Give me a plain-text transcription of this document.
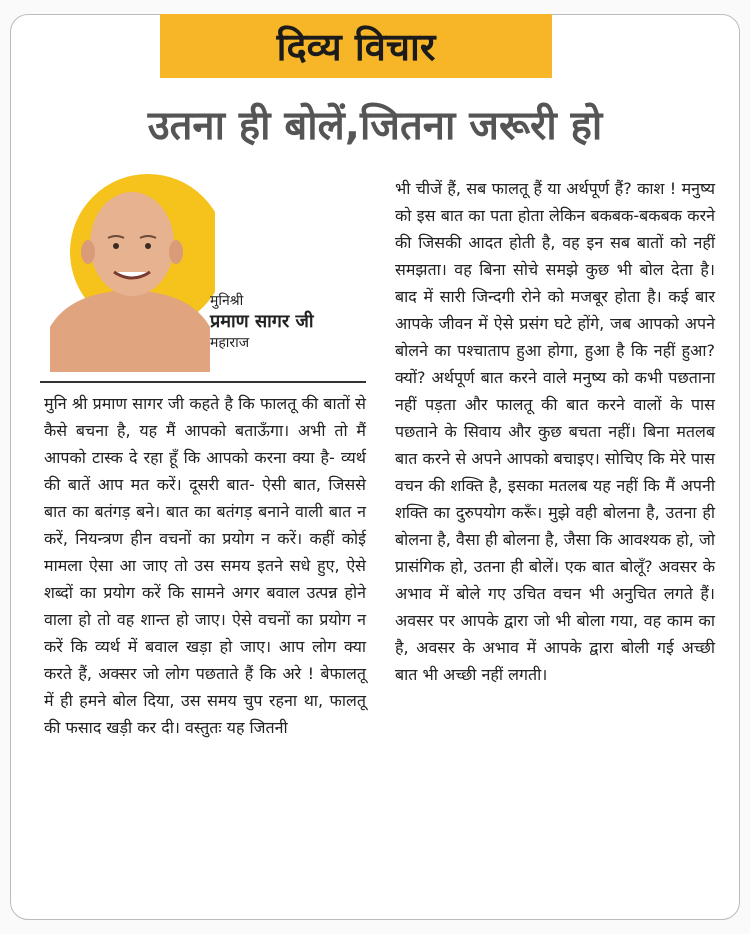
दिव्य विचार
उतना ही बोलें,जितना जरूरी हो
मुनिश्री
प्रमाण सागर जी
महाराज

मुनि श्री प्रमाण सागर जी कहते है कि फालतू की बातों से कैसे बचना है, यह मैं आपको बताऊँगा। अभी तो मैं आपको टास्क दे रहा हूँ कि आपको करना क्या है- व्यर्थ की बातें आप मत करें। दूसरी बात- ऐसी बात, जिससे बात का बतंगड़ बने। बात का बतंगड़ बनाने वाली बात न करें, नियन्त्रण हीन वचनों का प्रयोग न करें। कहीं कोई मामला ऐसा आ जाए तो उस समय इतने सधे हुए, ऐसे शब्दों का प्रयोग करें कि सामने अगर बवाल उत्पन्न होने वाला हो तो वह शान्त हो जाए। ऐसे वचनों का प्रयोग न करें कि व्यर्थ में बवाल खड़ा हो जाए। आप लोग क्या करते हैं, अक्सर जो लोग पछताते हैं कि अरे ! बेफालतू में ही हमने बोल दिया, उस समय चुप रहना था, फालतू की फसाद खड़ी कर दी। वस्तुतः यह जितनी

भी चीजें हैं, सब फालतू हैं या अर्थपूर्ण हैं? काश ! मनुष्य को इस बात का पता होता लेकिन बकबक-बकबक करने की जिसकी आदत होती है, वह इन सब बातों को नहीं समझता। वह बिना सोचे समझे कुछ भी बोल देता है। बाद में सारी जिन्दगी रोने को मजबूर होता है। कई बार आपके जीवन में ऐसे प्रसंग घटे होंगे, जब आपको अपने बोलने का पश्चाताप हुआ होगा, हुआ है कि नहीं हुआ? क्यों? अर्थपूर्ण बात करने वाले मनुष्य को कभी पछताना नहीं पड़ता और फालतू की बात करने वालों के पास पछताने के सिवाय और कुछ बचता नहीं। बिना मतलब बात करने से अपने आपको बचाइए। सोचिए कि मेरे पास वचन की शक्ति है, इसका मतलब यह नहीं कि मैं अपनी शक्ति का दुरुपयोग करूँ। मुझे वही बोलना है, उतना ही बोलना है, वैसा ही बोलना है, जैसा कि आवश्यक हो, जो प्रासंगिक हो, उतना ही बोलें। एक बात बोलूँ? अवसर के अभाव में बोले गए उचित वचन भी अनुचित लगते हैं। अवसर पर आपके द्वारा जो भी बोला गया, वह काम का है, अवसर के अभाव में आपके द्वारा बोली गई अच्छी बात भी अच्छी नहीं लगती।
